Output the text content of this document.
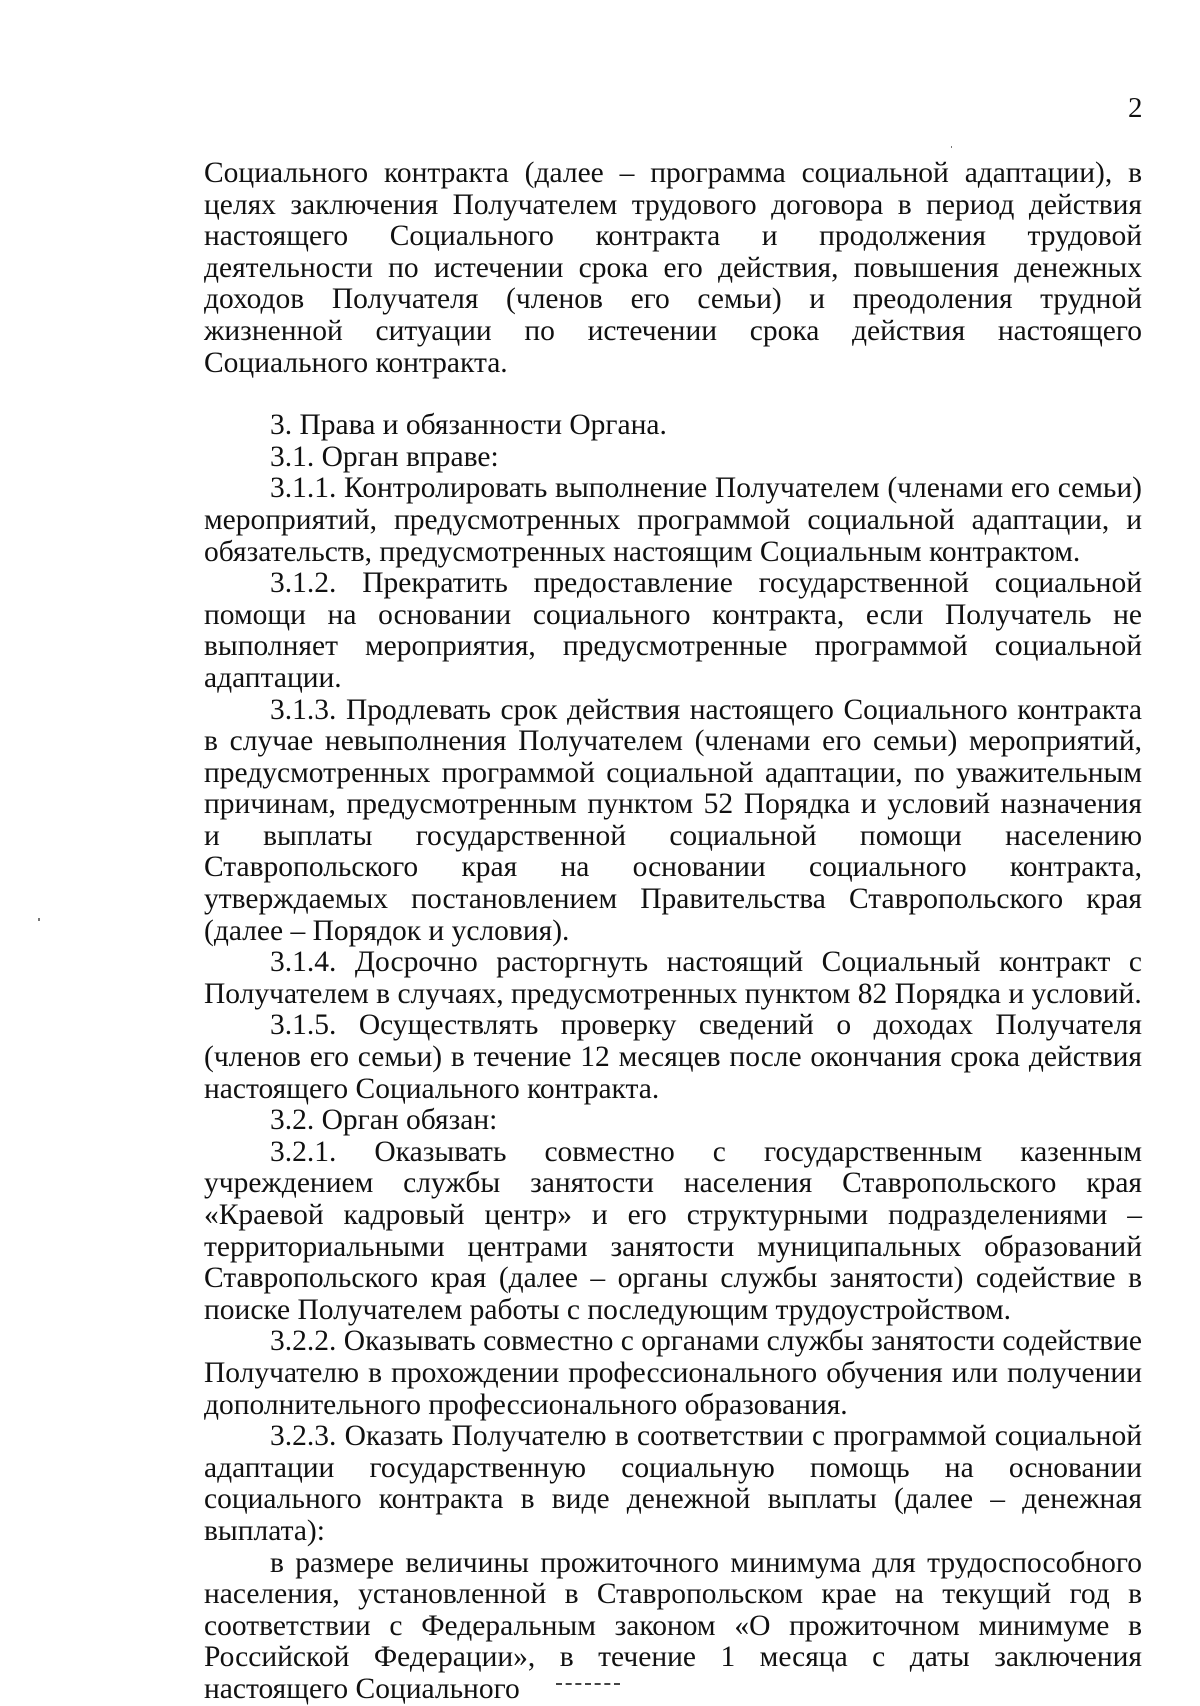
2

Социального контракта (далее – программа социальной адаптации), в целях заключения Получателем трудового договора в период действия настоящего Социального контракта и продолжения трудовой деятельности по истечении срока его действия, повышения денежных доходов Получателя (членов его семьи) и преодоления трудной жизненной ситуации по истечении срока действия настоящего Социального контракта.

3. Права и обязанности Органа.

3.1. Орган вправе:

3.1.1. Контролировать выполнение Получателем (членами его семьи) мероприятий, предусмотренных программой социальной адаптации, и обязательств, предусмотренных настоящим Социальным контрактом.

3.1.2. Прекратить предоставление государственной социальной помощи на основании социального контракта, если Получатель не выполняет мероприятия, предусмотренные программой социальной адаптации.

3.1.3. Продлевать срок действия настоящего Социального контракта в случае невыполнения Получателем (членами его семьи) мероприятий, предусмотренных программой социальной адаптации, по уважительным причинам, предусмотренным пунктом 52 Порядка и условий назначения и выплаты государственной социальной помощи населению Ставропольского края на основании социального контракта, утверждаемых постановлением Правительства Ставропольского края (далее – Порядок и условия).

3.1.4. Досрочно расторгнуть настоящий Социальный контракт с Получателем в случаях, предусмотренных пунктом 82 Порядка и условий.

3.1.5. Осуществлять проверку сведений о доходах Получателя (членов его семьи) в течение 12 месяцев после окончания срока действия настоящего Социального контракта.

3.2. Орган обязан:

3.2.1. Оказывать совместно с государственным казенным учреждением службы занятости населения Ставропольского края «Краевой кадровый центр» и его структурными подразделениями – территориальными центрами занятости муниципальных образований Ставропольского края (далее – органы службы занятости) содействие в поиске Получателем работы с последующим трудоустройством.

3.2.2. Оказывать совместно с органами службы занятости содействие Получателю в прохождении профессионального обучения или получении дополнительного профессионального образования.

3.2.3. Оказать Получателю в соответствии с программой социальной адаптации государственную социальную помощь на основании социального контракта в виде денежной выплаты (далее – денежная выплата):

в размере величины прожиточного минимума для трудоспособного населения, установленной в Ставропольском крае на текущий год в соответствии с Федеральным законом «О прожиточном минимуме в Российской Федерации», в течение 1 месяца с даты заключения настоящего Социального
